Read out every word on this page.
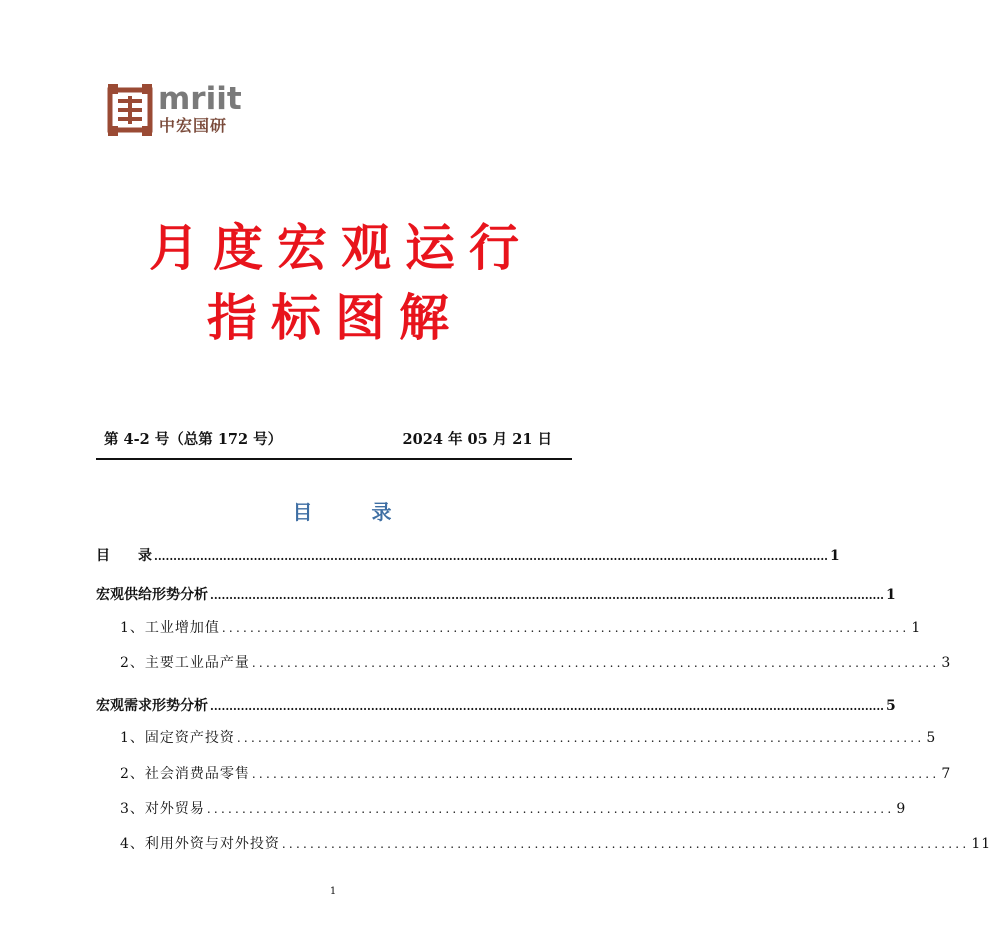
mriit
中宏国研
月度宏观运行
指标图解
第 4-2 号（总第 172 号）	2024 年 05 月 21 日
目 录
目　　录 ................................................................................................................................................................................ 1
宏观供给形势分析 ................................................................................................................................................................................ 1
1、工业增加值 .................................................................................................. 1
2、主要工业品产量 .................................................................................................. 3
宏观需求形势分析 ................................................................................................................................................................................ 5
1、固定资产投资 .................................................................................................. 5
2、社会消费品零售 .................................................................................................. 7
3、对外贸易 .................................................................................................. 9
4、利用外资与对外投资 .................................................................................................. 11
1
